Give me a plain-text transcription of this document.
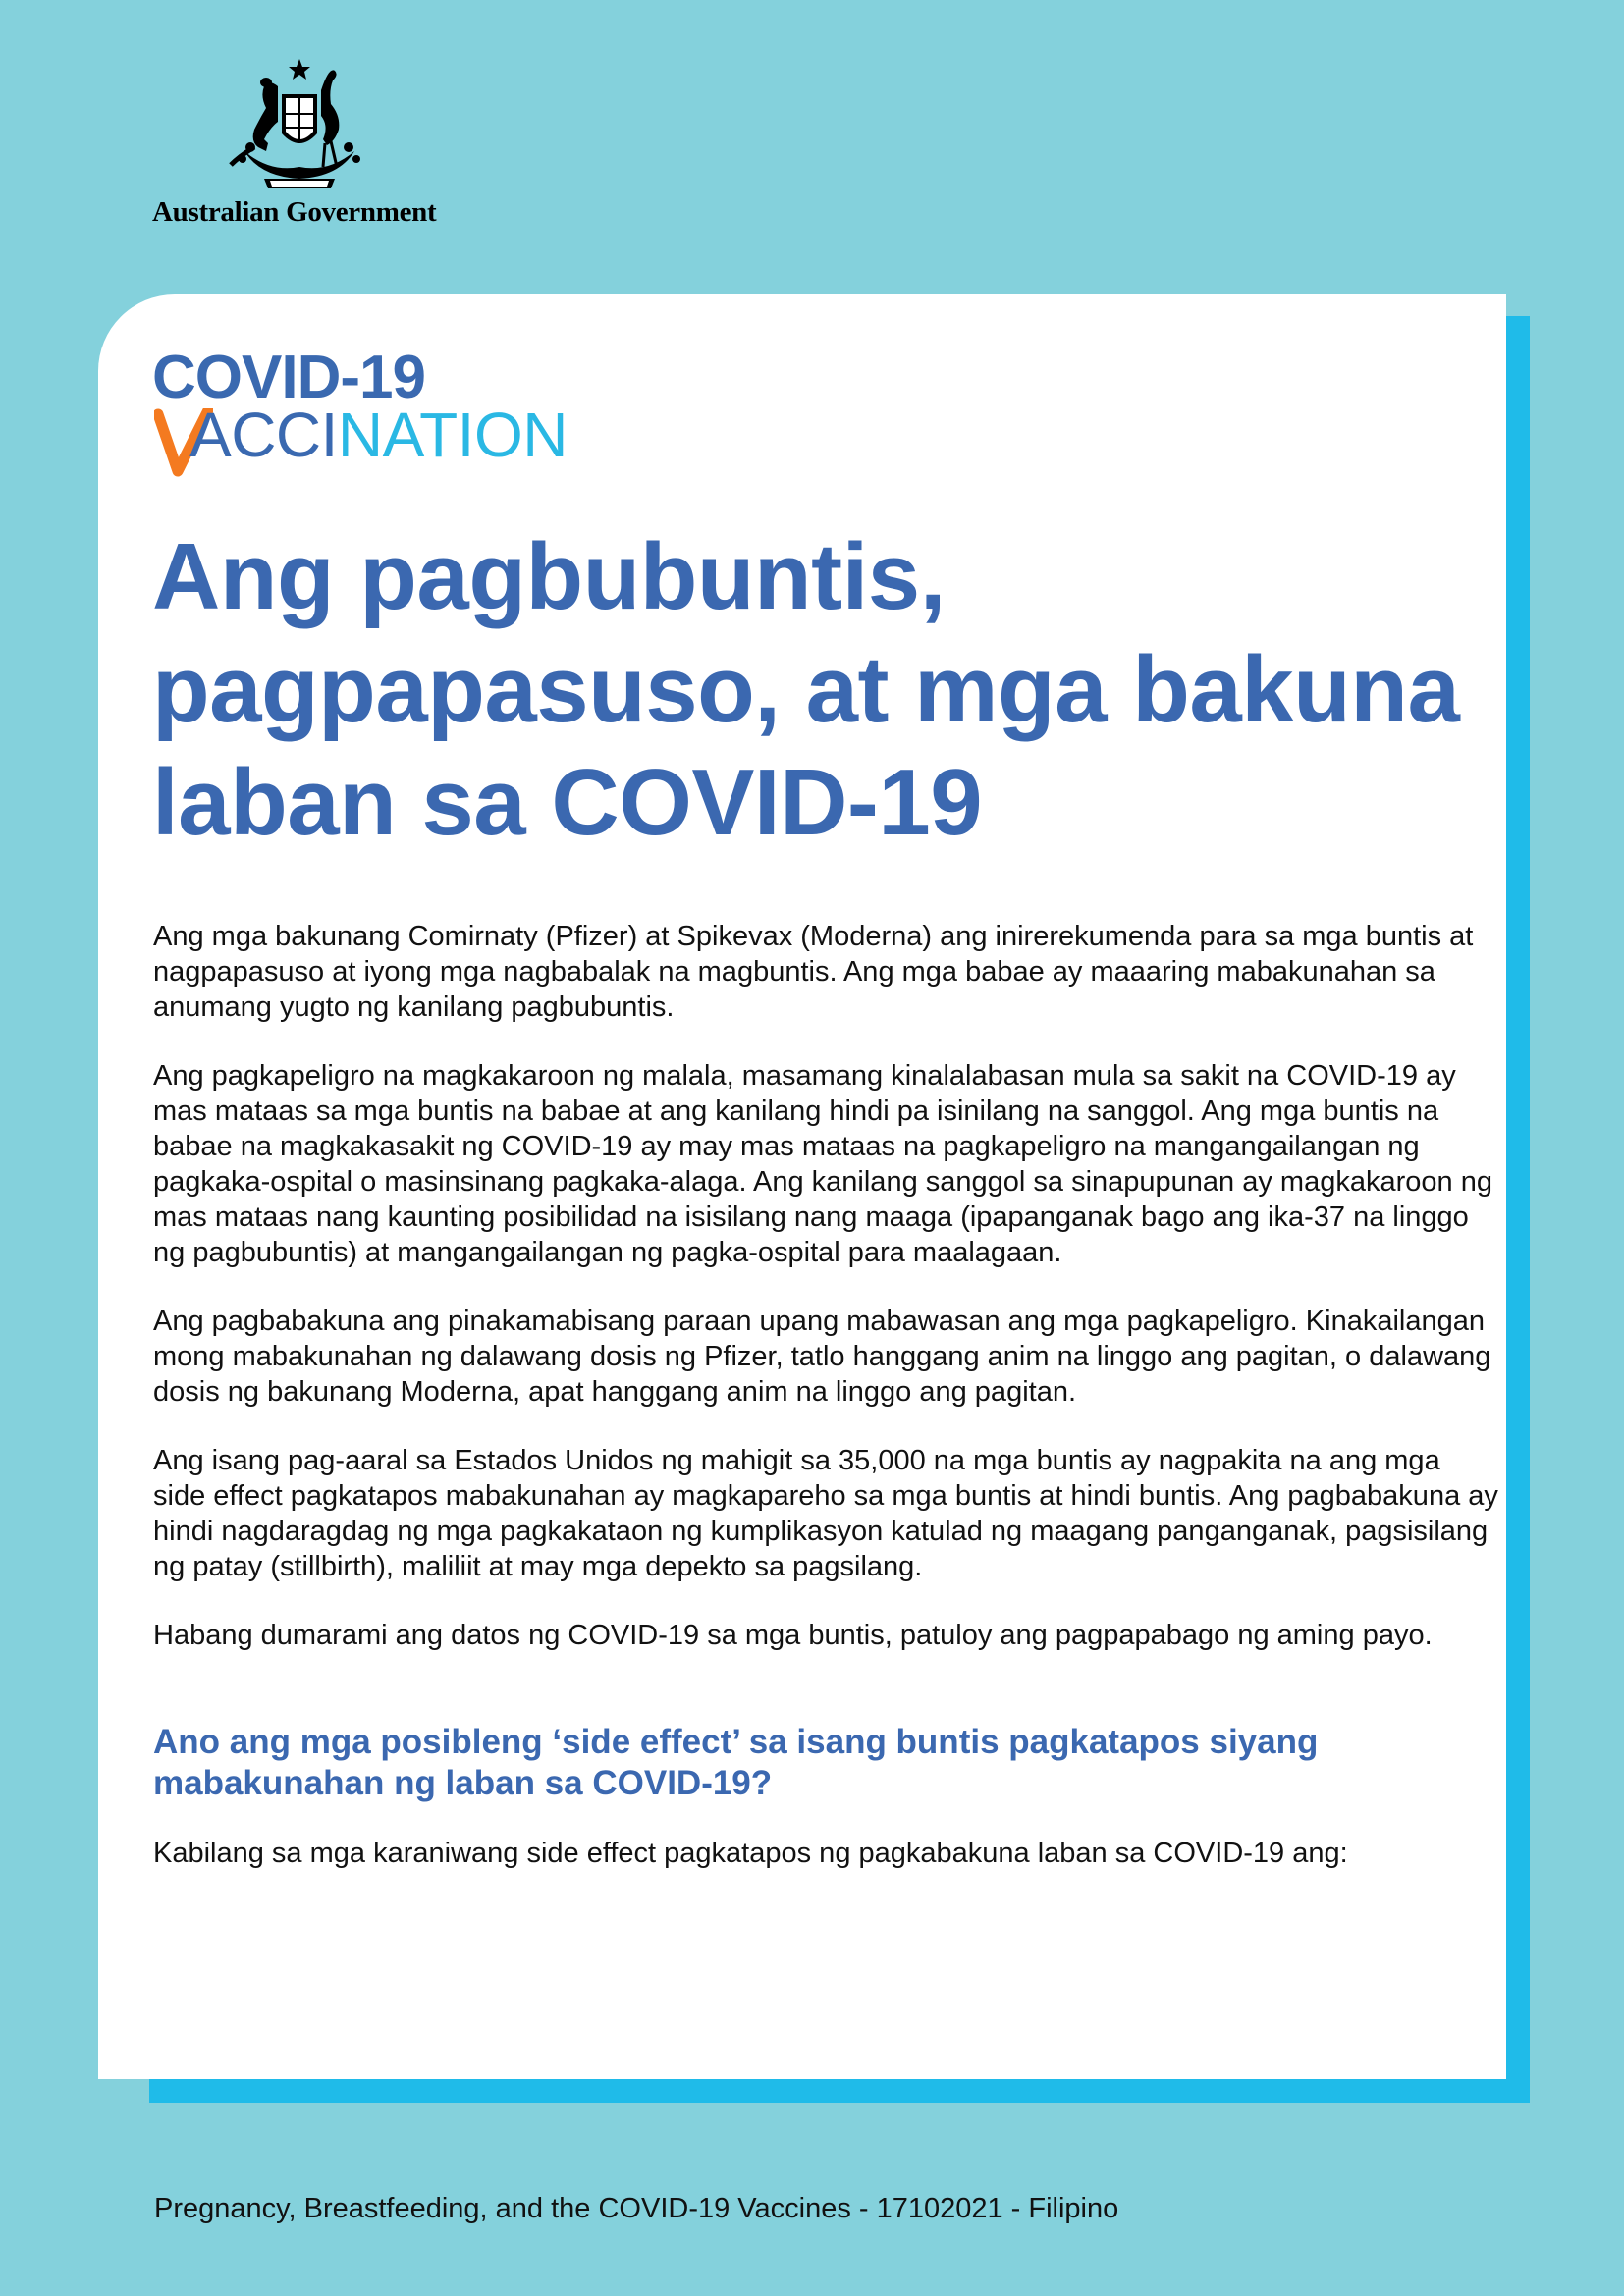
Australian Government
COVID-19
ACCINATION
Ang pagbubuntis, pagpapasuso, at mga bakuna laban sa COVID-19

Ang mga bakunang Comirnaty (Pfizer) at Spikevax (Moderna) ang inirerekumenda para sa mga buntis at nagpapasuso at iyong mga nagbabalak na magbuntis. Ang mga babae ay maaaring mabakunahan sa anumang yugto ng kanilang pagbubuntis.

Ang pagkapeligro na magkakaroon ng malala, masamang kinalalabasan mula sa sakit na COVID-19 ay mas mataas sa mga buntis na babae at ang kanilang hindi pa isinilang na sanggol. Ang mga buntis na babae na magkakasakit ng COVID-19 ay may mas mataas na pagkapeligro na mangangailangan ng pagkaka-ospital o masinsinang pagkaka-alaga. Ang kanilang sanggol sa sinapupunan ay magkakaroon ng mas mataas nang kaunting posibilidad na isisilang nang maaga (ipapanganak bago ang ika-37 na linggo ng pagbubuntis) at mangangailangan ng pagka-ospital para maalagaan.

Ang pagbabakuna ang pinakamabisang paraan upang mabawasan ang mga pagkapeligro. Kinakailangan mong mabakunahan ng dalawang dosis ng Pfizer, tatlo hanggang anim na linggo ang pagitan, o dalawang dosis ng bakunang Moderna, apat hanggang anim na linggo ang pagitan.

Ang isang pag-aaral sa Estados Unidos ng mahigit sa 35,000 na mga buntis ay nagpakita na ang mga side effect pagkatapos mabakunahan ay magkapareho sa mga buntis at hindi buntis. Ang pagbabakuna ay hindi nagdaragdag ng mga pagkakataon ng kumplikasyon katulad ng maagang panganganak, pagsisilang ng patay (stillbirth), maliliit at may mga depekto sa pagsilang.

Habang dumarami ang datos ng COVID-19 sa mga buntis, patuloy ang pagpapabago ng aming payo.

Ano ang mga posibleng ‘side effect’ sa isang buntis pagkatapos siyang mabakunahan ng laban sa COVID-19?

Kabilang sa mga karaniwang side effect pagkatapos ng pagkabakuna laban sa COVID-19 ang:

Pregnancy, Breastfeeding, and the COVID-19 Vaccines - 17102021 - Filipino
